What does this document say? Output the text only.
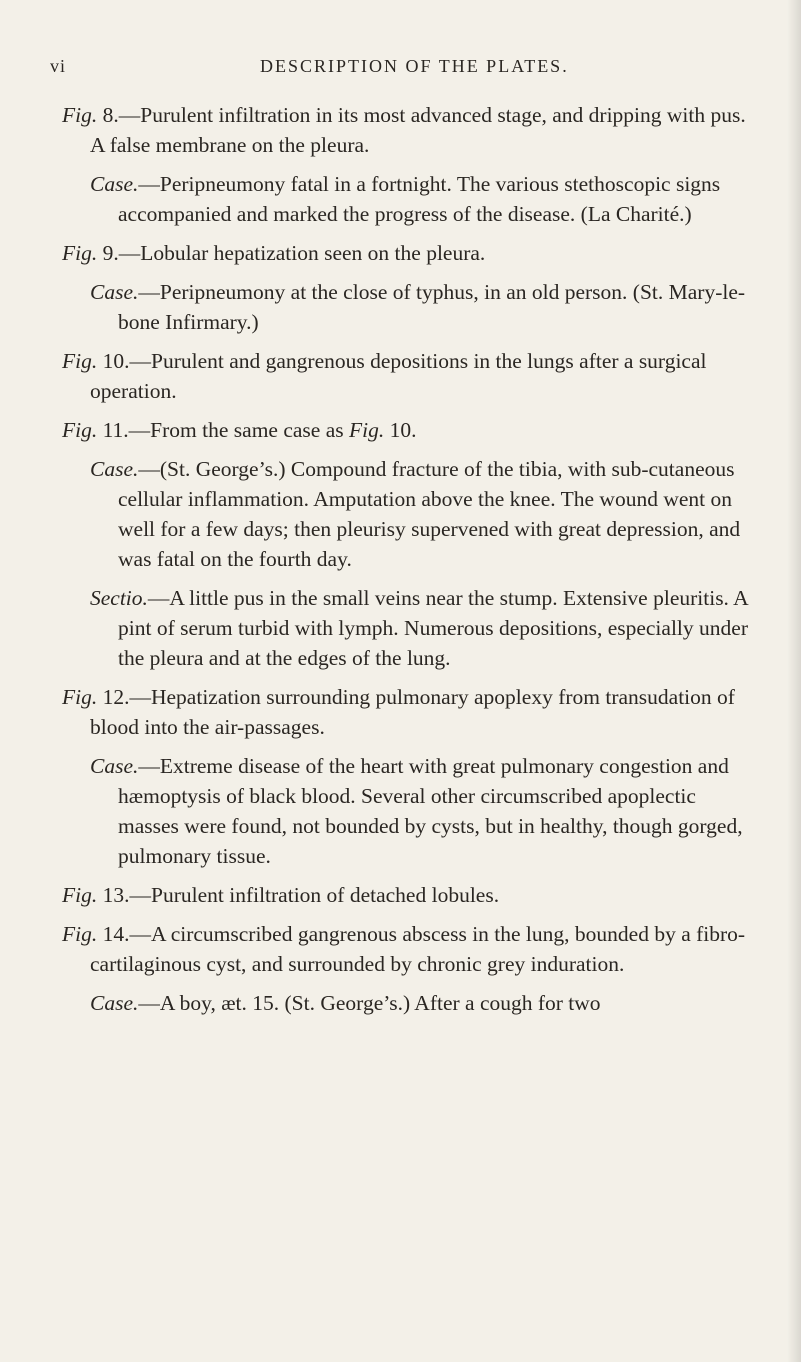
vi	DESCRIPTION OF THE PLATES.
Fig. 8.—Purulent infiltration in its most advanced stage, and dripping with pus. A false membrane on the pleura.
Case.—Peripneumony fatal in a fortnight. The various stethoscopic signs accompanied and marked the progress of the disease. (La Charité.)
Fig. 9.—Lobular hepatization seen on the pleura.
Case.—Peripneumony at the close of typhus, in an old person. (St. Mary-le-bone Infirmary.)
Fig. 10.—Purulent and gangrenous depositions in the lungs after a surgical operation.
Fig. 11.—From the same case as Fig. 10.
Case.—(St. George’s.) Compound fracture of the tibia, with sub-cutaneous cellular inflammation. Amputation above the knee. The wound went on well for a few days; then pleurisy supervened with great depression, and was fatal on the fourth day.
Sectio.—A little pus in the small veins near the stump. Extensive pleuritis. A pint of serum turbid with lymph. Numerous depositions, especially under the pleura and at the edges of the lung.
Fig. 12.—Hepatization surrounding pulmonary apoplexy from transudation of blood into the air-passages.
Case.—Extreme disease of the heart with great pulmonary congestion and hæmoptysis of black blood. Several other circumscribed apoplectic masses were found, not bounded by cysts, but in healthy, though gorged, pulmonary tissue.
Fig. 13.—Purulent infiltration of detached lobules.
Fig. 14.—A circumscribed gangrenous abscess in the lung, bounded by a fibro-cartilaginous cyst, and surrounded by chronic grey induration.
Case.—A boy, æt. 15. (St. George’s.) After a cough for two
